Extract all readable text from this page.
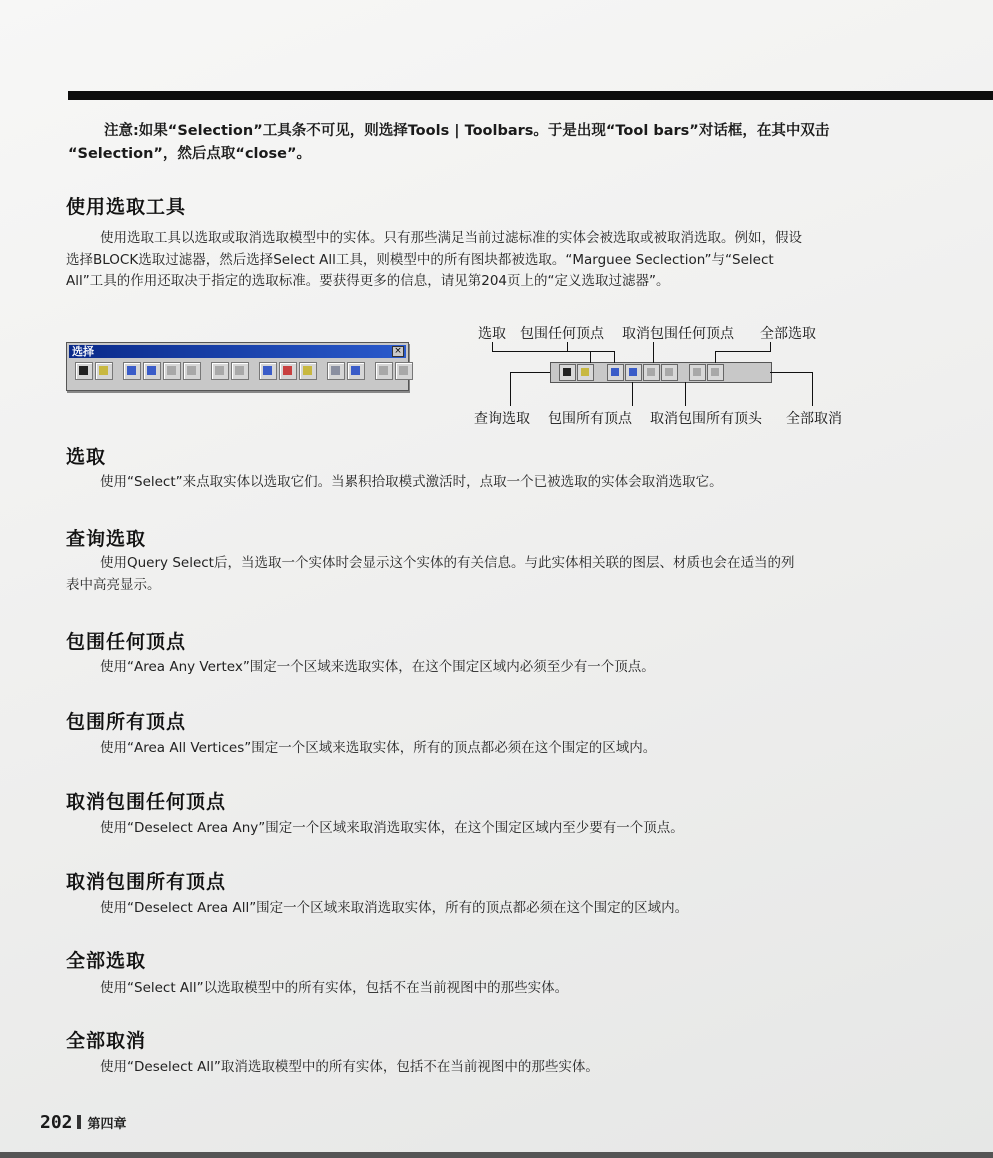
注意:如果“Selection”工具条不可见，则选择Tools | Toolbars。于是出现“Tool bars”对话框，在其中双击
“Selection”，然后点取“close”。
使用选取工具
使用选取工具以选取或取消选取模型中的实体。只有那些满足当前过滤标准的实体会被选取或被取消选取。例如，假设
选择BLOCK选取过滤器，然后选择Select All工具，则模型中的所有图块都被选取。“Marguee Seclection”与“Select
All”工具的作用还取决于指定的选取标准。要获得更多的信息，请见第204页上的“定义选取过滤器”。
选择	×
选取 包围任何顶点 取消包围任何顶点 全部选取
查询选取 包围所有顶点 取消包围所有顶头 全部取消
选取
使用“Select”来点取实体以选取它们。当累积拾取模式激活时，点取一个已被选取的实体会取消选取它。
查询选取
使用Query Select后，当选取一个实体时会显示这个实体的有关信息。与此实体相关联的图层、材质也会在适当的列
表中高亮显示。
包围任何顶点
使用“Area Any Vertex”围定一个区域来选取实体，在这个围定区域内必须至少有一个顶点。
包围所有顶点
使用“Area All Vertices”围定一个区域来选取实体，所有的顶点都必须在这个围定的区域内。
取消包围任何顶点
使用“Deselect Area Any”围定一个区域来取消选取实体，在这个围定区域内至少要有一个顶点。
取消包围所有顶点
使用“Deselect Area All”围定一个区域来取消选取实体，所有的顶点都必须在这个围定的区域内。
全部选取
使用“Select All”以选取模型中的所有实体，包括不在当前视图中的那些实体。
全部取消
使用“Deselect All”取消选取模型中的所有实体，包括不在当前视图中的那些实体。
202 第四章
